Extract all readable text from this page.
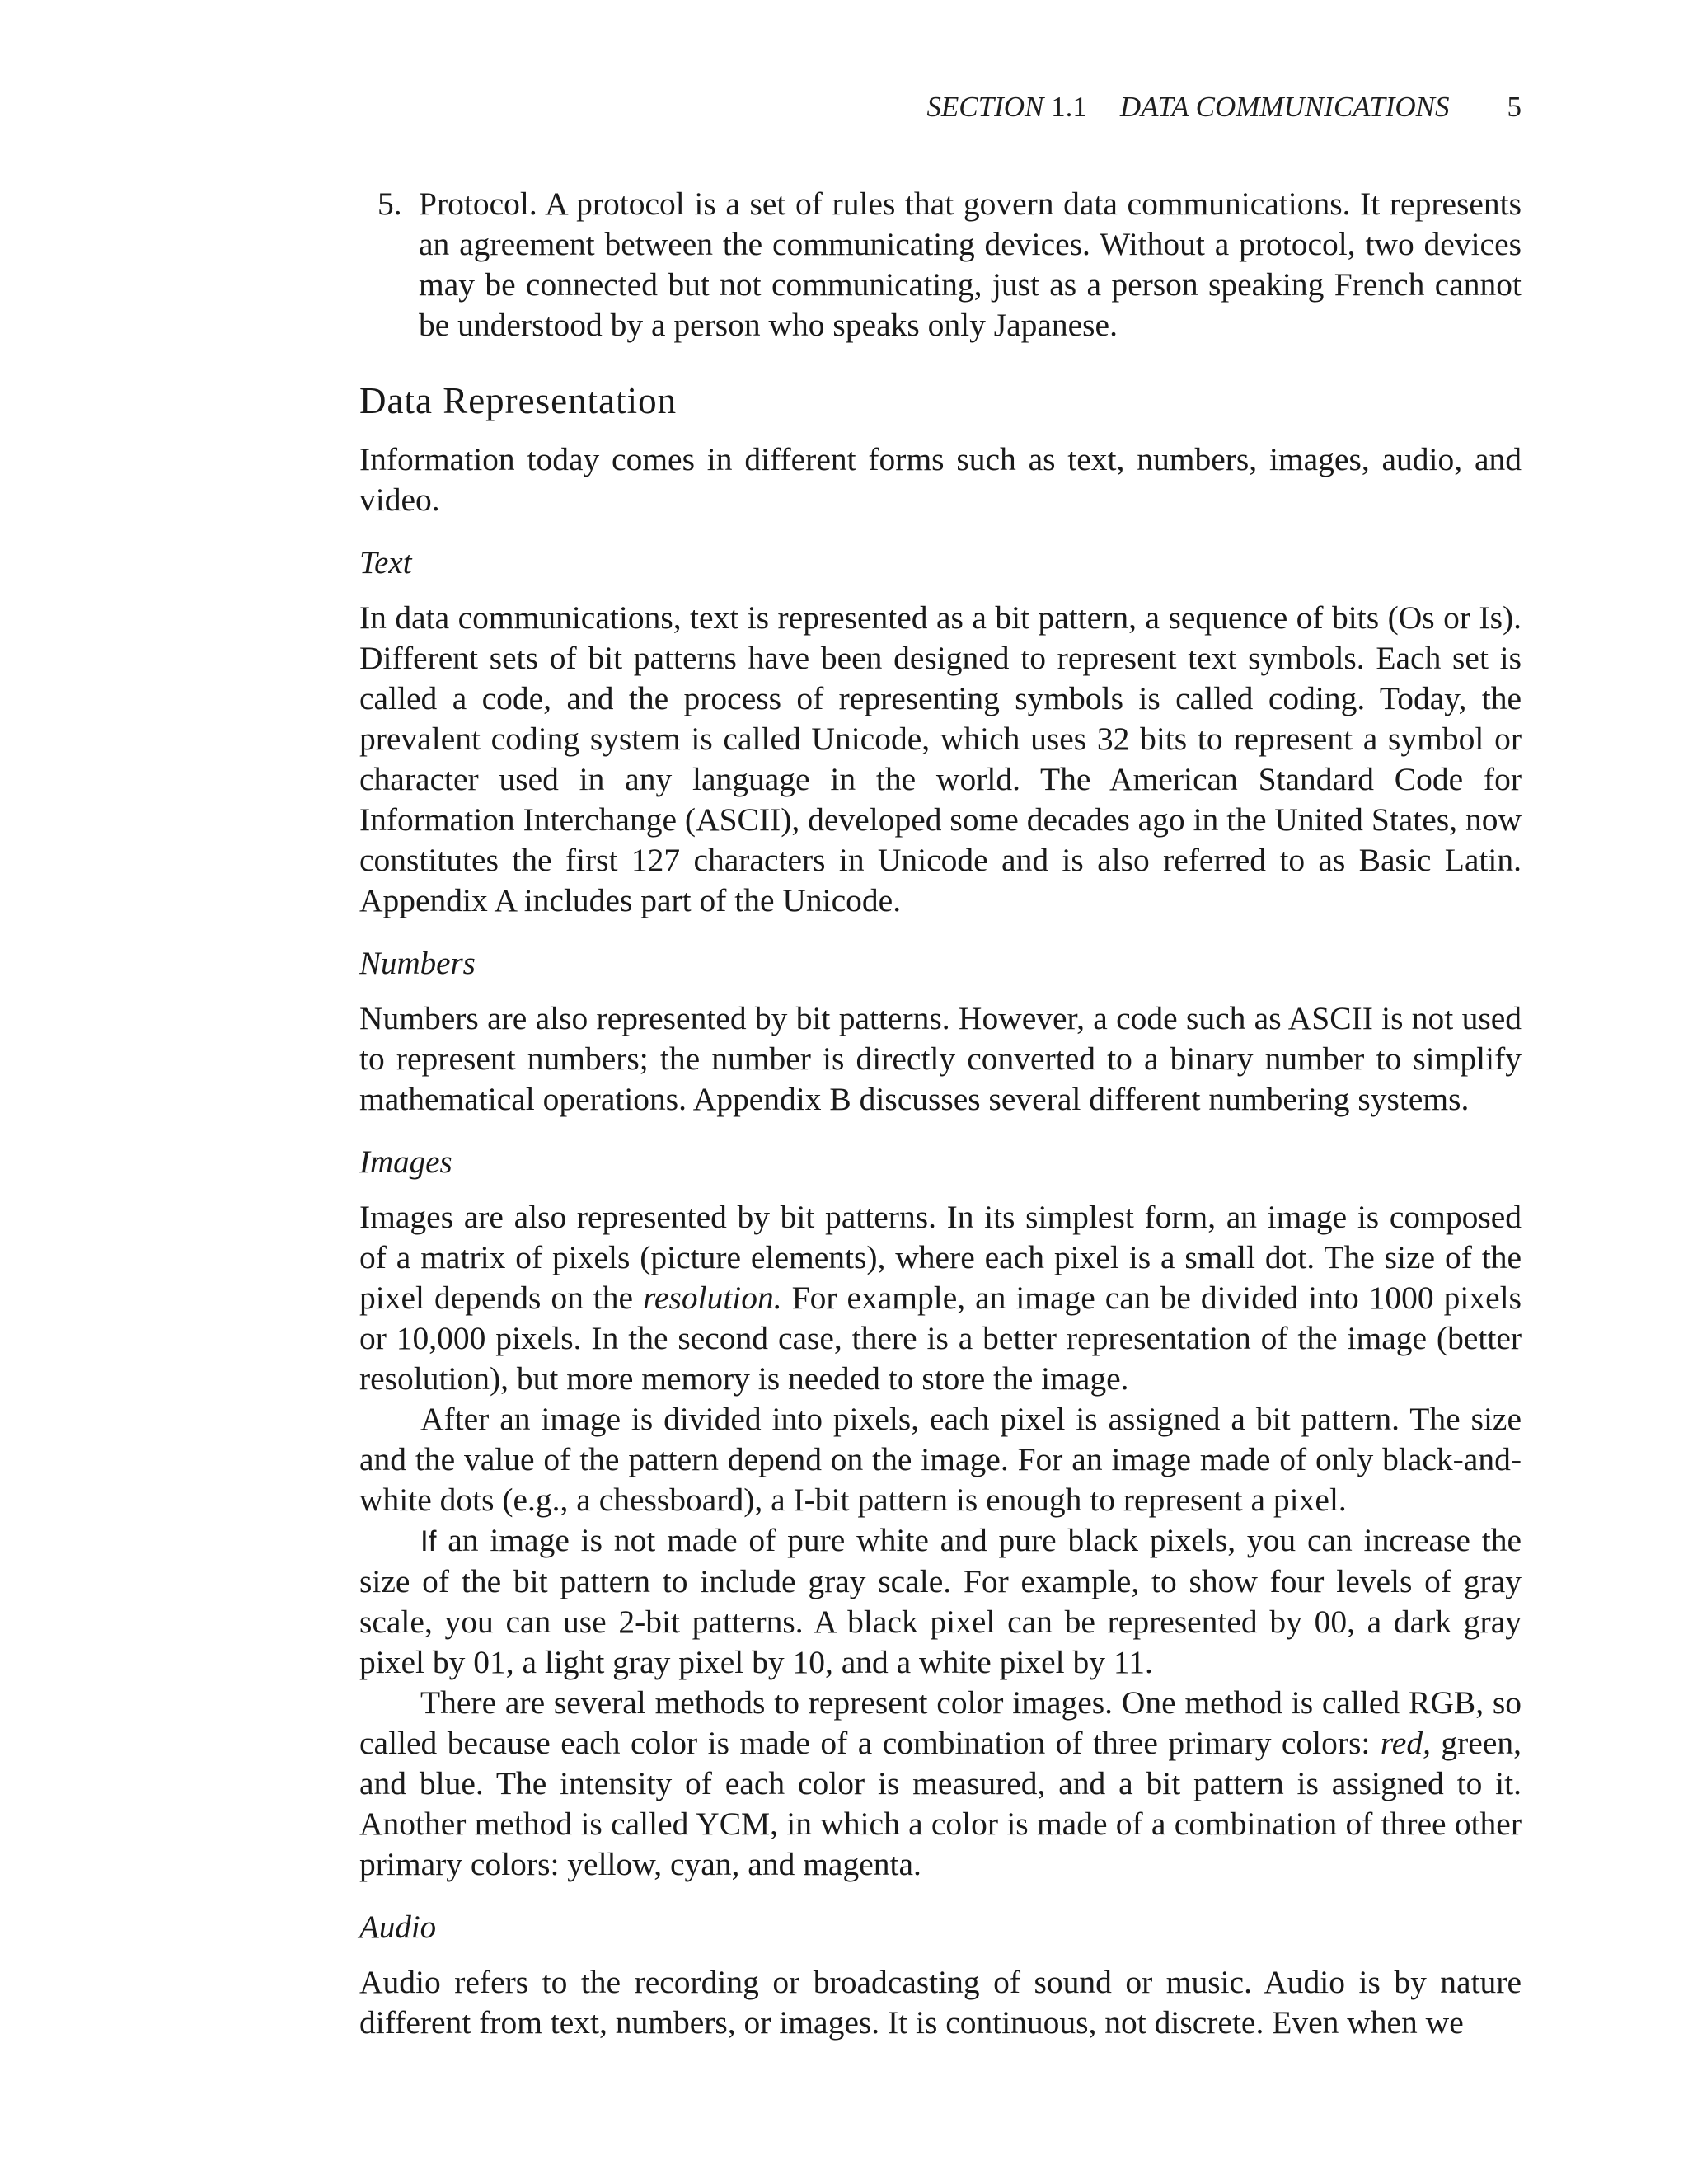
SECTION 1.1 DATA COMMUNICATIONS 5

5. Protocol. A protocol is a set of rules that govern data communications. It represents an agreement between the communicating devices. Without a protocol, two devices may be connected but not communicating, just as a person speaking French cannot be understood by a person who speaks only Japanese.

Data Representation

Information today comes in different forms such as text, numbers, images, audio, and video.

Text

In data communications, text is represented as a bit pattern, a sequence of bits (Os or Is). Different sets of bit patterns have been designed to represent text symbols. Each set is called a code, and the process of representing symbols is called coding. Today, the prevalent coding system is called Unicode, which uses 32 bits to represent a symbol or character used in any language in the world. The American Standard Code for Information Interchange (ASCII), developed some decades ago in the United States, now constitutes the first 127 characters in Unicode and is also referred to as Basic Latin. Appendix A includes part of the Unicode.

Numbers

Numbers are also represented by bit patterns. However, a code such as ASCII is not used to represent numbers; the number is directly converted to a binary number to simplify mathematical operations. Appendix B discusses several different numbering systems.

Images

Images are also represented by bit patterns. In its simplest form, an image is composed of a matrix of pixels (picture elements), where each pixel is a small dot. The size of the pixel depends on the resolution. For example, an image can be divided into 1000 pixels or 10,000 pixels. In the second case, there is a better representation of the image (better resolution), but more memory is needed to store the image.

After an image is divided into pixels, each pixel is assigned a bit pattern. The size and the value of the pattern depend on the image. For an image made of only black-and-white dots (e.g., a chessboard), a I-bit pattern is enough to represent a pixel.

If an image is not made of pure white and pure black pixels, you can increase the size of the bit pattern to include gray scale. For example, to show four levels of gray scale, you can use 2-bit patterns. A black pixel can be represented by 00, a dark gray pixel by 01, a light gray pixel by 10, and a white pixel by 11.

There are several methods to represent color images. One method is called RGB, so called because each color is made of a combination of three primary colors: red, green, and blue. The intensity of each color is measured, and a bit pattern is assigned to it. Another method is called YCM, in which a color is made of a combination of three other primary colors: yellow, cyan, and magenta.

Audio

Audio refers to the recording or broadcasting of sound or music. Audio is by nature different from text, numbers, or images. It is continuous, not discrete. Even when we
